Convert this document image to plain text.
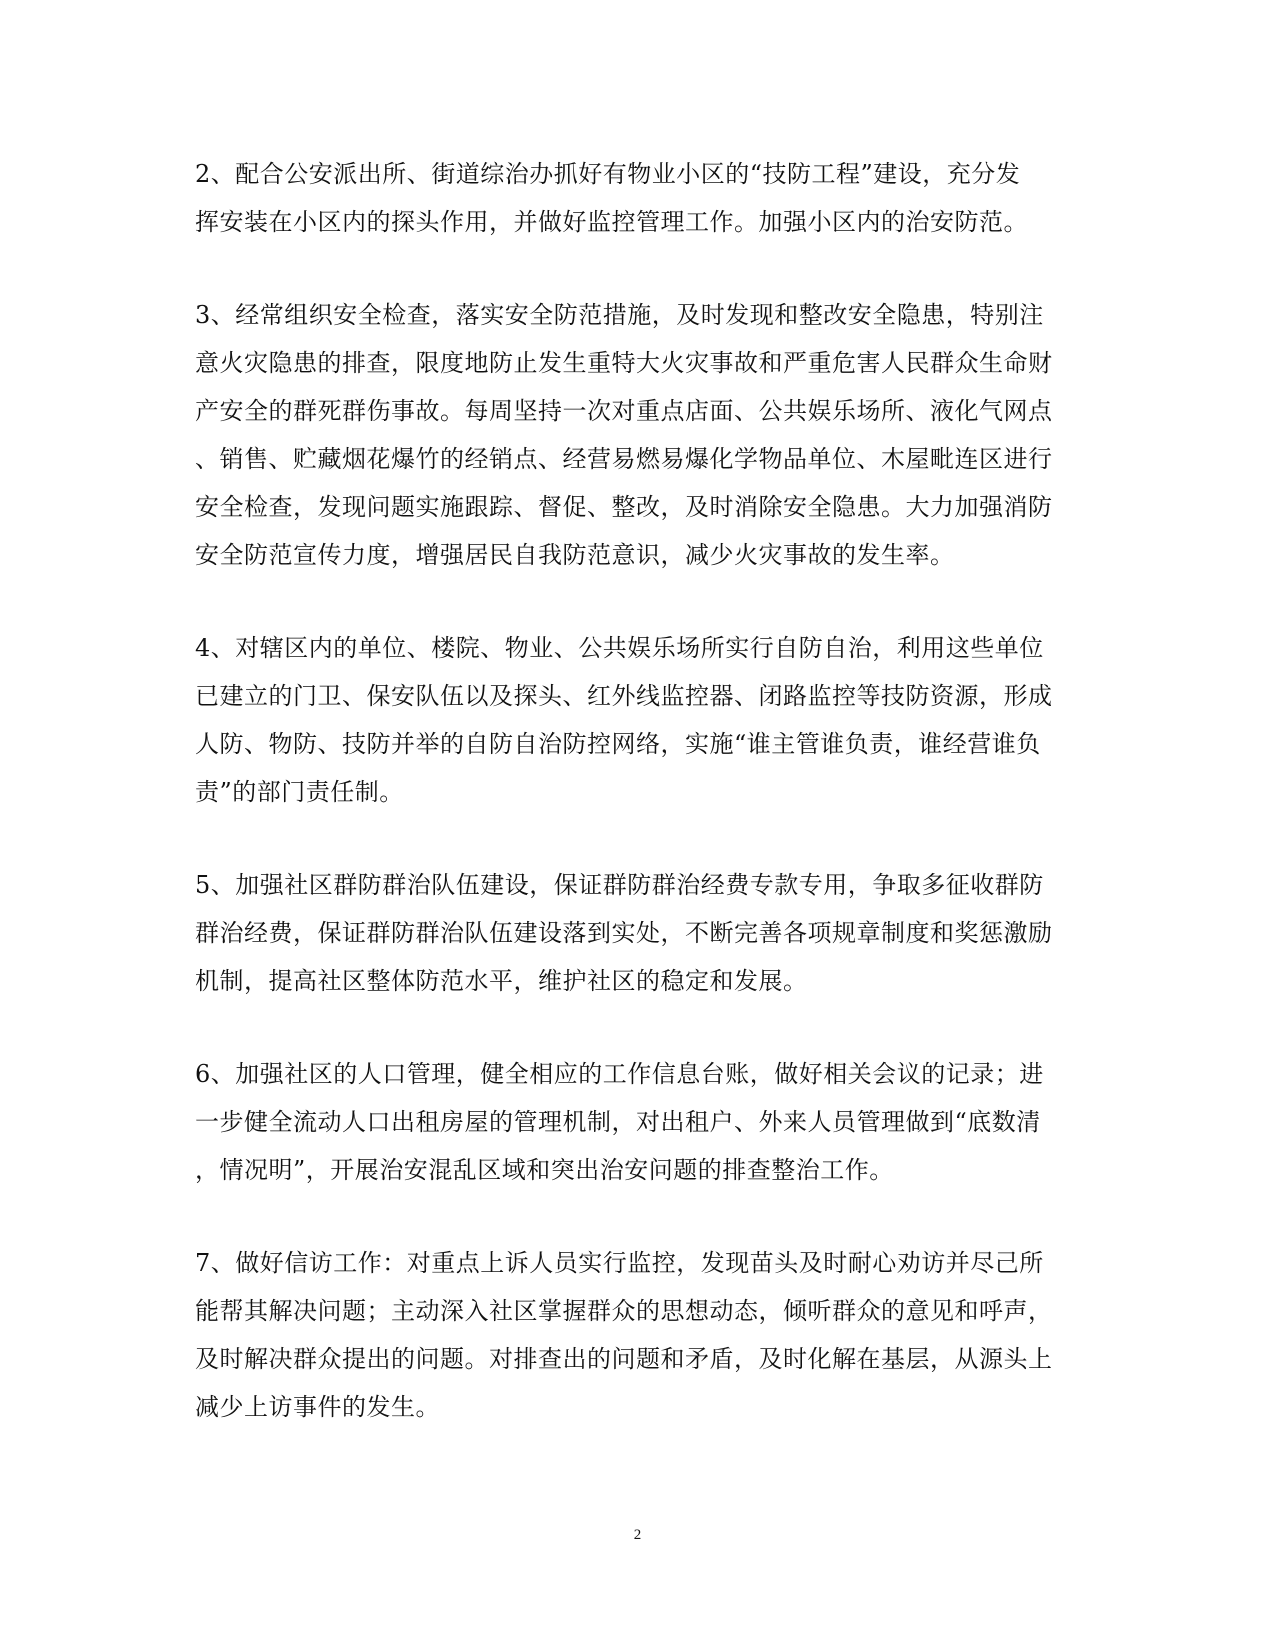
2、配合公安派出所、街道综治办抓好有物业小区的“技防工程”建设，充分发
挥安装在小区内的探头作用，并做好监控管理工作。加强小区内的治安防范。

3、经常组织安全检查，落实安全防范措施，及时发现和整改安全隐患，特别注
意火灾隐患的排查，限度地防止发生重特大火灾事故和严重危害人民群众生命财
产安全的群死群伤事故。每周坚持一次对重点店面、公共娱乐场所、液化气网点
、销售、贮藏烟花爆竹的经销点、经营易燃易爆化学物品单位、木屋毗连区进行
安全检查，发现问题实施跟踪、督促、整改，及时消除安全隐患。大力加强消防
安全防范宣传力度，增强居民自我防范意识，减少火灾事故的发生率。

4、对辖区内的单位、楼院、物业、公共娱乐场所实行自防自治，利用这些单位
已建立的门卫、保安队伍以及探头、红外线监控器、闭路监控等技防资源，形成
人防、物防、技防并举的自防自治防控网络，实施“谁主管谁负责，谁经营谁负
责”的部门责任制。

5、加强社区群防群治队伍建设，保证群防群治经费专款专用，争取多征收群防
群治经费，保证群防群治队伍建设落到实处，不断完善各项规章制度和奖惩激励
机制，提高社区整体防范水平，维护社区的稳定和发展。

6、加强社区的人口管理，健全相应的工作信息台账，做好相关会议的记录；进
一步健全流动人口出租房屋的管理机制，对出租户、外来人员管理做到“底数清
，情况明”，开展治安混乱区域和突出治安问题的排查整治工作。

7、做好信访工作：对重点上诉人员实行监控，发现苗头及时耐心劝访并尽己所
能帮其解决问题；主动深入社区掌握群众的思想动态，倾听群众的意见和呼声，
及时解决群众提出的问题。对排查出的问题和矛盾，及时化解在基层，从源头上
减少上访事件的发生。

2
